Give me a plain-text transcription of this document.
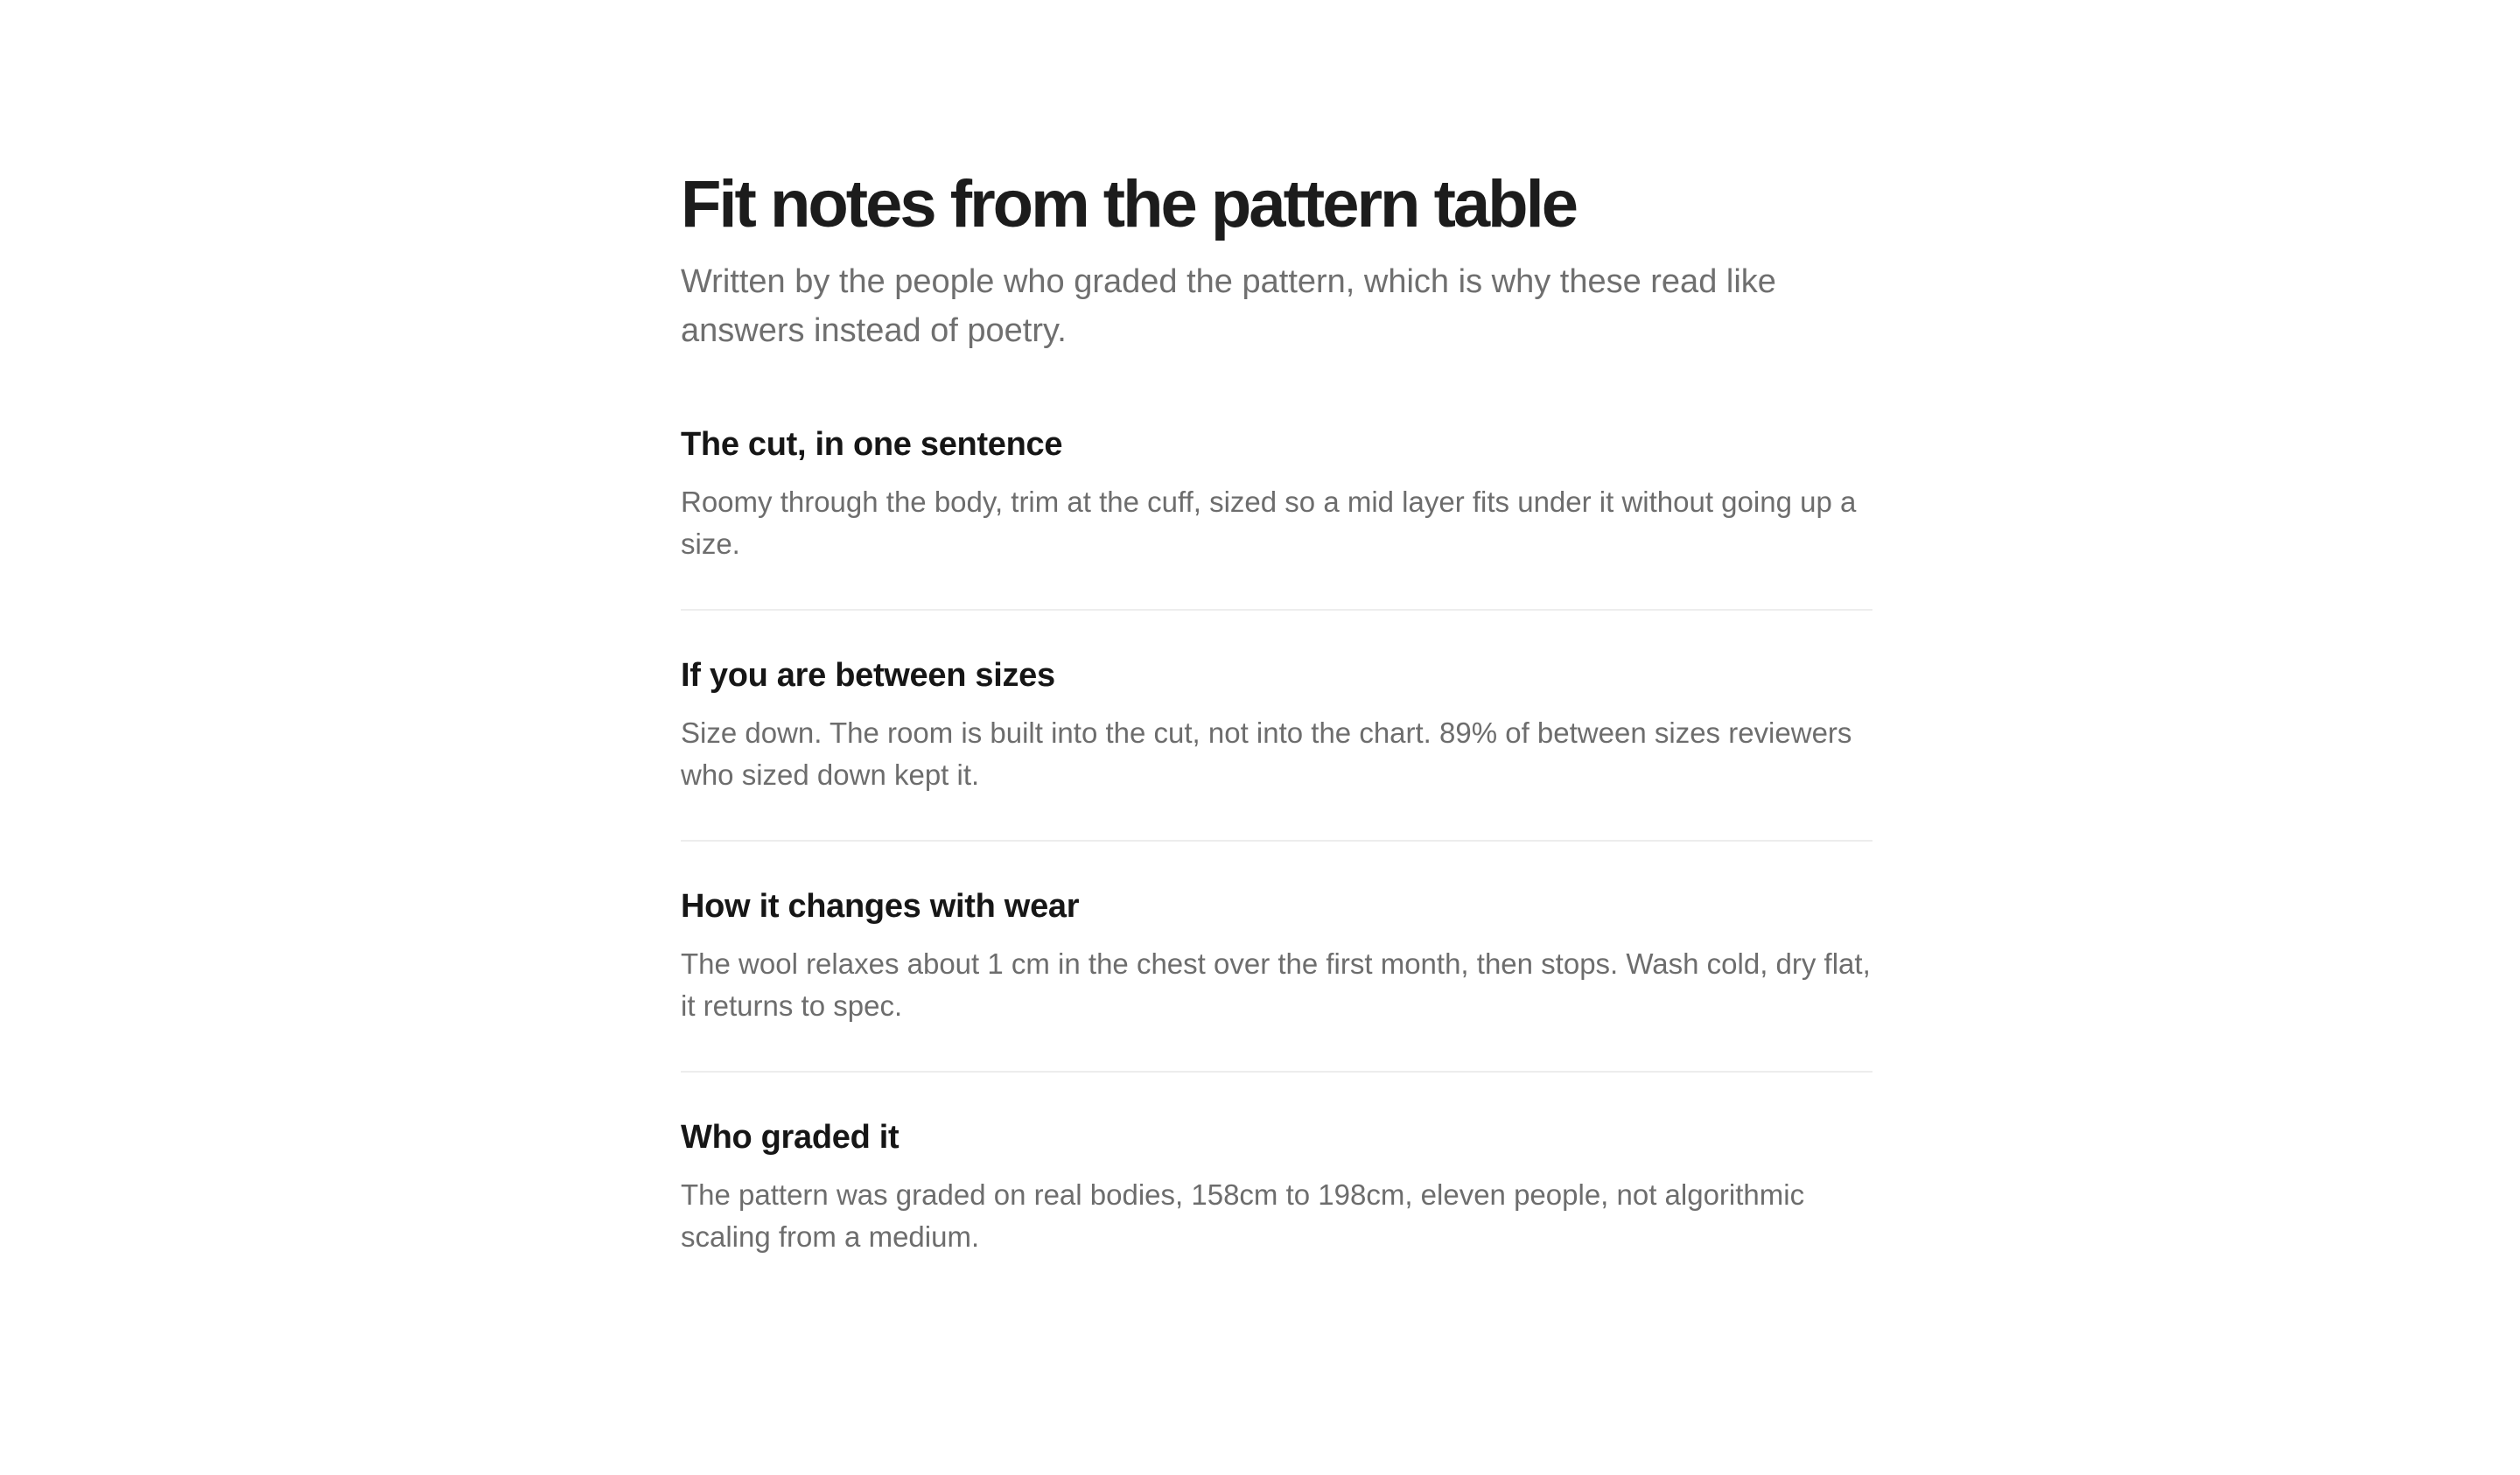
Fit notes from the pattern table

Written by the people who graded the pattern, which is why these read like answers instead of poetry.

The cut, in one sentence

Roomy through the body, trim at the cuff, sized so a mid layer fits under it without going up a size.

If you are between sizes

Size down. The room is built into the cut, not into the chart. 89% of between sizes reviewers who sized down kept it.

How it changes with wear

The wool relaxes about 1 cm in the chest over the first month, then stops. Wash cold, dry flat, it returns to spec.

Who graded it

The pattern was graded on real bodies, 158cm to 198cm, eleven people, not algorithmic scaling from a medium.
